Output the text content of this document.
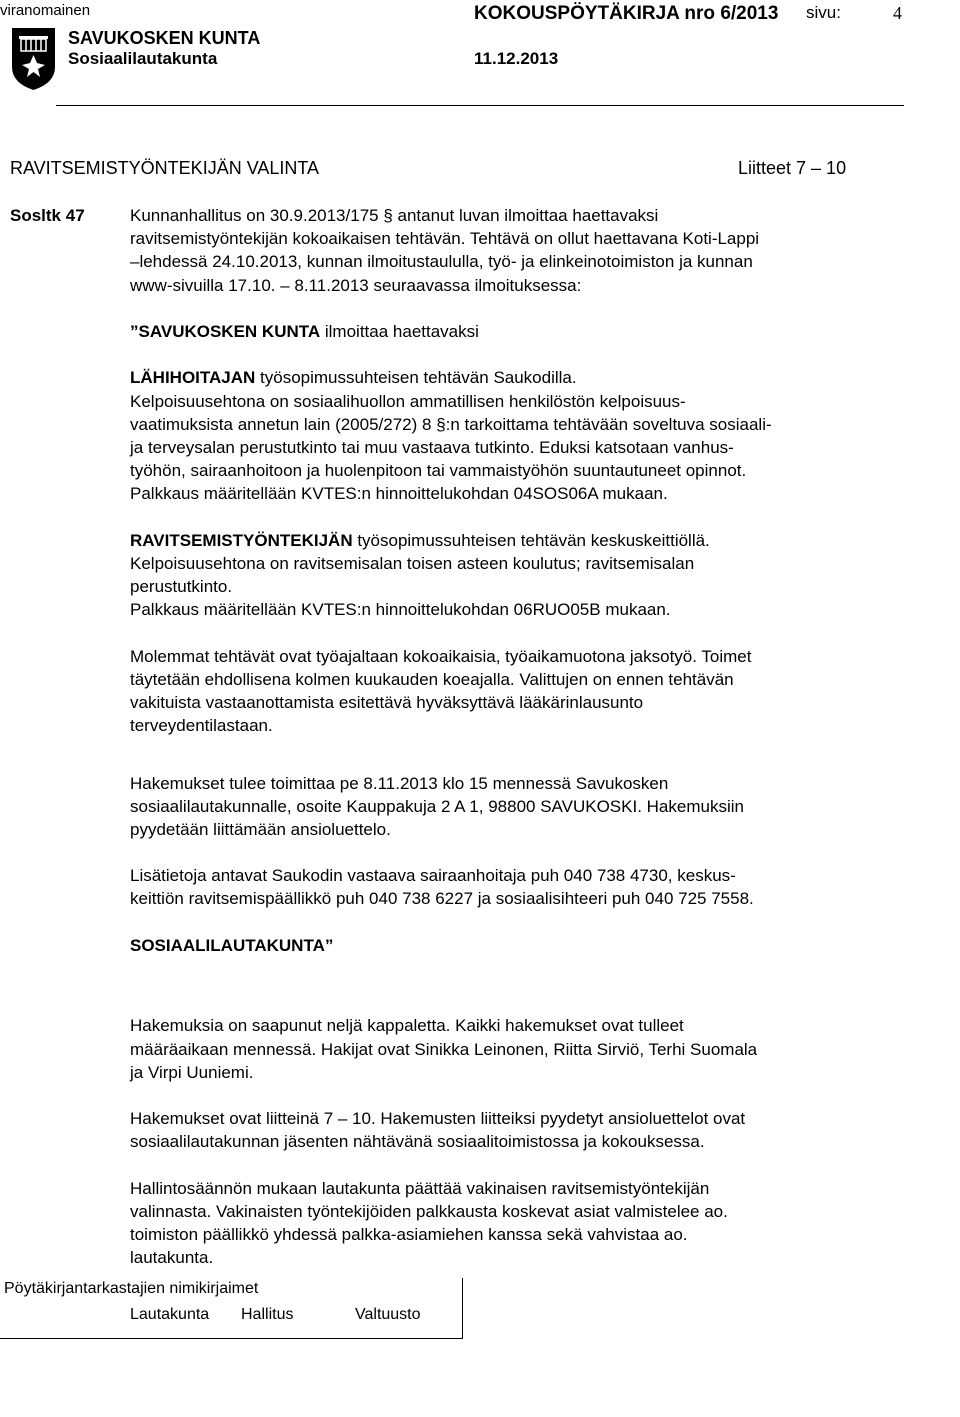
viranomainen	KOKOUSPÖYTÄKIRJA nro 6/2013 sivu:	4
SAVUKOSKEN KUNTA
Sosiaalilautakunta	11.12.2013
RAVITSEMISTYÖNTEKIJÄN VALINTA	Liitteet 7 – 10
Sosltk 47	Kunnanhallitus on 30.9.2013/175 § antanut luvan ilmoittaa haettavaksi
ravitsemistyöntekijän kokoaikaisen tehtävän. Tehtävä on ollut haettavana Koti-Lappi
–lehdessä 24.10.2013, kunnan ilmoitustaululla, työ- ja elinkeinotoimiston ja kunnan
www-sivuilla 17.10. – 8.11.2013 seuraavassa ilmoituksessa:
”SAVUKOSKEN KUNTA ilmoittaa haettavaksi
LÄHIHOITAJAN työsopimussuhteisen tehtävän Saukodilla.
Kelpoisuusehtona on sosiaalihuollon ammatillisen henkilöstön kelpoisuus-
vaatimuksista annetun lain (2005/272) 8 §:n tarkoittama tehtävään soveltuva sosiaali-
ja terveysalan perustutkinto tai muu vastaava tutkinto. Eduksi katsotaan vanhus-
työhön, sairaanhoitoon ja huolenpitoon tai vammaistyöhön suuntautuneet opinnot.
Palkkaus määritellään KVTES:n hinnoittelukohdan 04SOS06A mukaan.
RAVITSEMISTYÖNTEKIJÄN työsopimussuhteisen tehtävän keskuskeittiöllä.
Kelpoisuusehtona on ravitsemisalan toisen asteen koulutus; ravitsemisalan
perustutkinto.
Palkkaus määritellään KVTES:n hinnoittelukohdan 06RUO05B mukaan.
Molemmat tehtävät ovat työajaltaan kokoaikaisia, työaikamuotona jaksotyö. Toimet
täytetään ehdollisena kolmen kuukauden koeajalla. Valittujen on ennen tehtävän
vakituista vastaanottamista esitettävä hyväksyttävä lääkärinlausunto
terveydentilastaan.
Hakemukset tulee toimittaa pe 8.11.2013 klo 15 mennessä Savukosken
sosiaalilautakunnalle, osoite Kauppakuja 2 A 1, 98800 SAVUKOSKI. Hakemuksiin
pyydetään liittämään ansioluettelo.
Lisätietoja antavat Saukodin vastaava sairaanhoitaja puh 040 738 4730, keskus-
keittiön ravitsemispäällikkö puh 040 738 6227 ja sosiaalisihteeri puh 040 725 7558.
SOSIAALILAUTAKUNTA”
Hakemuksia on saapunut neljä kappaletta. Kaikki hakemukset ovat tulleet
määräaikaan mennessä. Hakijat ovat Sinikka Leinonen, Riitta Sirviö, Terhi Suomala
ja Virpi Uuniemi.
Hakemukset ovat liitteinä 7 – 10. Hakemusten liitteiksi pyydetyt ansioluettelot ovat
sosiaalilautakunnan jäsenten nähtävänä sosiaalitoimistossa ja kokouksessa.
Hallintosäännön mukaan lautakunta päättää vakinaisen ravitsemistyöntekijän
valinnasta. Vakinaisten työntekijöiden palkkausta koskevat asiat valmistelee ao.
toimiston päällikkö yhdessä palkka-asiamiehen kanssa sekä vahvistaa ao.
lautakunta.
Pöytäkirjantarkastajien nimikirjaimet
Lautakunta Hallitus	Valtuusto
